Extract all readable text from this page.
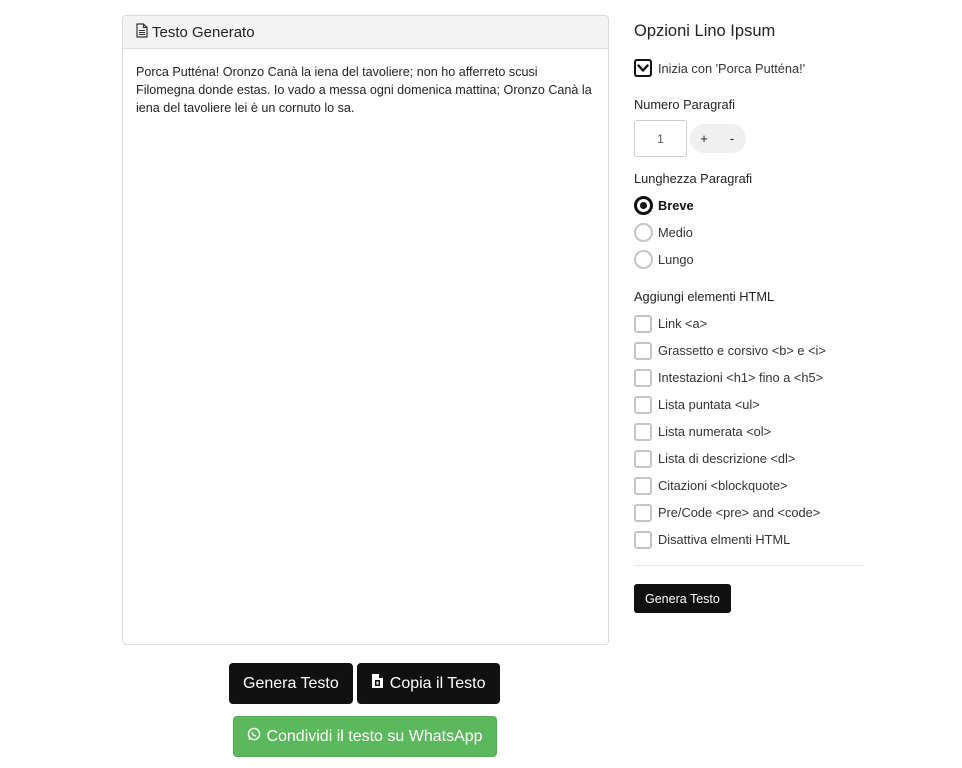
Testo Generato
Porca Putténa! Oronzo Canà la iena del tavoliere; non ho afferreto scusi Filomegna donde estas. Io vado a messa ogni domenica mattina; Oronzo Canà la iena del tavoliere lei è un cornuto lo sa.
Genera Testo	Copia il Testo
Condividi il testo su WhatsApp
Opzioni Lino Ipsum
Inizia con 'Porca Putténa!'
Numero Paragrafi
1
+	-
Lunghezza Paragrafi
Breve
Medio
Lungo
Aggiungi elementi HTML
Link <a>
Grassetto e corsivo <b> e <i>
Intestazioni <h1> fino a <h5>
Lista puntata <ul>
Lista numerata <ol>
Lista di descrizione <dl>
Citazioni <blockquote>
Pre/Code <pre> and <code>
Disattiva elmenti HTML
Genera Testo
